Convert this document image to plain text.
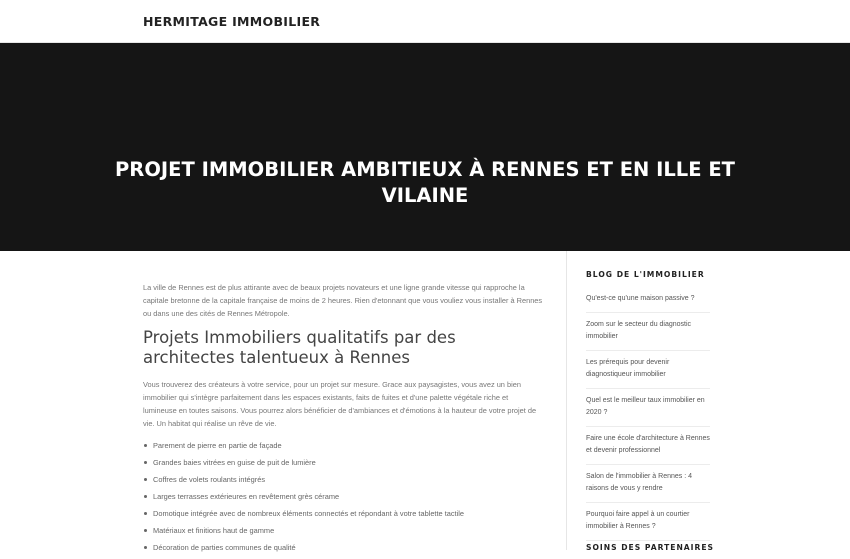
HERMITAGE IMMOBILIER
PROJET IMMOBILIER AMBITIEUX À RENNES ET EN ILLE ET VILAINE

La ville de Rennes est de plus attirante avec de beaux projets novateurs et une ligne grande vitesse qui rapproche la capitale bretonne de la capitale française de moins de 2 heures. Rien d'etonnant que vous vouliez vous installer à Rennes ou dans une des cités de Rennes Métropole.

Projets Immobiliers qualitatifs par des architectes talentueux à Rennes

Vous trouverez des créateurs à votre service, pour un projet sur mesure. Grace aux paysagistes, vous avez un bien immobilier qui s'intègre parfaitement dans les espaces existants, faits de fuites et d'une palette végétale riche et lumineuse en toutes saisons. Vous pourrez alors bénéficier de d'ambiances et d'émotions à la hauteur de votre projet de vie. Un habitat qui réalise un rêve de vie.

Parement de pierre en partie de façade
Grandes baies vitrées en guise de puit de lumière
Coffres de volets roulants intégrés
Larges terrasses extérieures en revêtement grès cérame
Domotique intégrée avec de nombreux éléments connectés et répondant à votre tablette tactile
Matériaux et finitions haut de gamme
Décoration de parties communes de qualité
BLOG DE L'IMMOBILIER
Qu'est-ce qu'une maison passive ?
Zoom sur le secteur du diagnostic immobilier
Les prérequis pour devenir diagnostiqueur immobilier
Quel est le meilleur taux immobilier en 2020 ?
Faire une école d'architecture à Rennes et devenir professionnel
Salon de l'immobilier à Rennes : 4 raisons de vous y rendre
Pourquoi faire appel à un courtier immobilier à Rennes ?
SOINS DES PARTENAIRES
